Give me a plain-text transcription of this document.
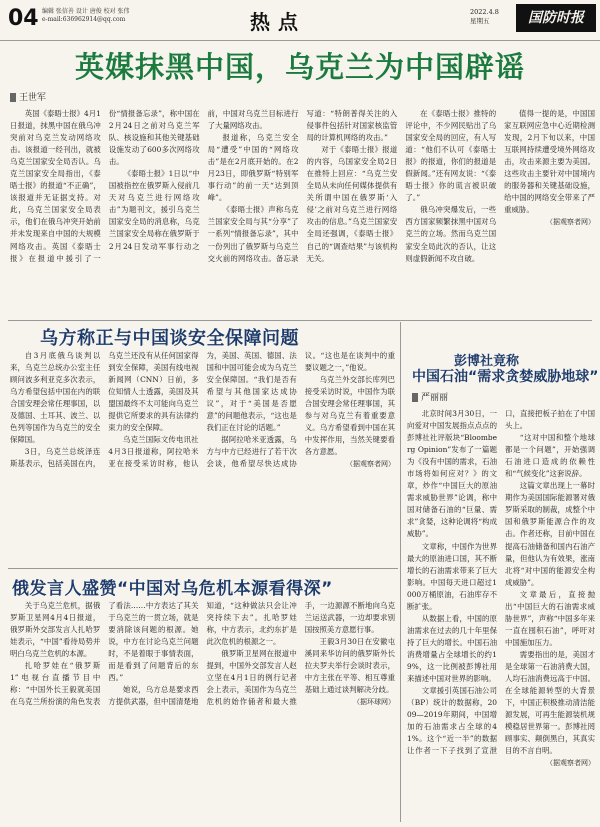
04 编辑 张信善 设计 唐俊 校对 张伟
e-mail:636962914@qq.com	热点	2022.4.8
星期五	国防时报
英媒抹黑中国，乌克兰为中国辟谣
王世军

英国《泰晤士报》4月1日报道，抹黑中国在俄乌冲突前对乌克兰发动网络攻击。该报道一经刊出，就被乌克兰国家安全局否认。乌克兰国家安全局指出，《泰晤士报》的报道“不正确”，该报道并无证据支持。对此，乌克兰国家安全局表示，他们在俄乌冲突开始前并未发现来自中国的大规模网络攻击。英国《泰晤士报》在报道中援引了一份“情报备忘录”，称中国在2月24日之前对乌克兰军队、核设施和其他关键基础设施发动了600多次网络攻击。

《泰晤士报》1日以“中国被指控在俄罗斯入侵前几天对乌克兰进行网络攻击”为题刊文，援引乌克兰国家安全局的消息称，乌克兰国家安全局称在俄罗斯于2月24日发动军事行动之前，中国对乌克兰目标进行了大量网络攻击。

报道称，乌克兰安全局“遭受”中国的“网络攻击”是在2月底开始的。在2月23日，即俄罗斯“特别军事行动”的前一天“达到顶峰”。

《泰晤士报》声称乌克兰国家安全局与其“分享”了一系列“情报备忘录”，其中一份列出了俄罗斯与乌克兰交火前的网络攻击。备忘录写道：“特朗普得关注的入侵事件包括针对国家核监管局的计算机网络的攻击。”

对于《泰晤士报》报道的内容，乌国家安全局2日在推特上回应：“乌克兰安全局从未向任何媒体提供有关所谓中国在俄罗斯‘入侵’之前对乌克兰进行网络攻击的信息。”乌克兰国家安全局还强调，《泰晤士报》自己的“调查结果”与该机构无关。

在《泰晤士报》推特的评论中，不少网民贴出了乌国家安全局的回应，有人写道：“他们不认可《泰晤士报》的报道，你们的报道是假新闻。”还有网友说：“《泰晤士报》你的谎言被识破了。”

俄乌冲突爆发后，一些西方国家频繁抹黑中国对乌克兰的立场。然而乌克兰国家安全局此次的否认，让这则虚假新闻不攻自破。

值得一提的是，中国国家互联网应急中心近期检测发现，2月下旬以来，中国互联网持续遭受境外网络攻击，攻击来源主要为美国。这些攻击主要针对中国境内的服务器和关键基础设施，给中国的网络安全带来了严重威胁。

（据观察者网）

乌方称正与中国谈安全保障问题

自3月底俄乌谈判以来，乌克兰总统办公室主任顾问波多利亚克多次表示，乌方希望包括中国在内的联合国安理会常任理事国，以及德国、土耳其、波兰、以色列等国作为乌克兰的安全保障国。

3日，乌克兰总统泽连斯基表示，包括美国在内，乌克兰还没有从任何国家得到安全保障，美国有线电视新闻网（CNN）日前，多位知情人士透露，美国及其盟国最终不太可能向乌克兰提供它所要求的具有法律约束力的安全保障。

乌克兰国际文传电讯社4月3日报道称，阿拉哈米亚在接受采访时称，他认为，美国、英国、德国、法国和中国可能会成为乌克兰安全保障国。“我们是否有希望与其他国家达成协议”，对于“美国是否愿意”的问题他表示，“这也是我们正在讨论的话题。”

据阿拉哈米亚透露，乌方与中方已经进行了若干次会谈，他希望尽快达成协议。“这也是在谈判中的重要议题之一，”他说。

乌克兰外交部长库列巴接受采访时说，中国作为联合国安理会常任理事国，其参与对乌克兰有着重要意义。乌方希望看到中国在其中发挥作用，当然关键要看各方意愿。

（据观察者网）

彭博社竟称
中国石油“需求贪婪威胁地球”
严丽丽

北京时间3月30日，一向爱对中国发展指点点点的彭博社社评版块“Bloomberg Opinion”发布了一篇题为《没有中国的需求，石油市场将如何应对？》的文章，炒作“中国巨大的原油需求威胁世界”论调，称中国对储备石油的“巨量、需求”贪婪，这种论调将“构成威胁”。

文章称，中国作为世界最大的原油进口国，其不断增长的石油需求带来了巨大影响。中国每天进口超过1000万桶原油，石油库存不断扩张。

从数据上看，中国的原油需求在过去的几十年里保持了巨大的增长。中国石油消费增量占全球增长的约19%，这一比例被彭博社用来描述中国对世界的影响。

文章援引英国石油公司（BP）统计的数据称，2009—2019年期间，中国增加的石油需求占全球的41%。这个“近一半”的数据让作者一下子找到了宣泄口，直接把板子拍在了中国头上。

“这对中国和整个地球都是一个问题”，开始强调石油进口造成的依赖性和“气候变化”这套说辞。

这篇文章出现上一幕时期作为美国国际能源署对俄罗斯采取的制裁，成整个中国和俄罗斯能源合作的攻击。作者还称，目前中国在提高石油储备和国内石油产量，但他认为有效果，涨南北将“对中国的能源安全构成威胁”。

文章最后，直接抛出“中国巨大的石油需求威胁世界”，声称“中国多年来一直在囤积石油”，呼吁对中国施加压力。

需要指出的是，美国才是全球第一石油消费大国，人均石油消费远高于中国。在全球能源转型的大背景下，中国正积极推动清洁能源发展，可再生能源装机规模稳居世界第一。彭博社罔顾事实、颠倒黑白，其真实目的不言自明。

（据观察者网）

俄发言人盛赞“中国对乌危机本源看得深”

关于乌克兰危机，据俄罗斯卫星网4月4日报道，俄罗斯外交部发言人扎哈罗娃表示，“中国”看待局势并明白乌克兰危机的本源。

扎哈罗娃在“俄罗斯1”电视台直播节目中称：“中国外长王毅就美国在乌克兰所扮演的角色发表了看法……中方表达了其关于乌克兰的一贯立场，就是要消除该问题的根源。她说，中方在讨论乌克兰问题时，不是着眼于事情表面，而是看到了问题背后的东西。”

她说，乌方总是要求西方提供武器，但中国清楚地知道，“这种做法只会让冲突持续下去”。扎哈罗娃称，中方表示，北约东扩是此次危机的根源之一。

俄罗斯卫星网在报道中提到，中国外交部发言人赵立坚在4月1日的例行记者会上表示，美国作为乌克兰危机的始作俑者和最大推手，一边源源不断地向乌克兰运送武器，一边却要求别国按照美方意愿行事。

王毅3月30日在安徽屯溪同来华访问的俄罗斯外长拉夫罗夫举行会谈时表示，中方主张在平等、相互尊重基础上通过谈判解决分歧。

（据环球网）
